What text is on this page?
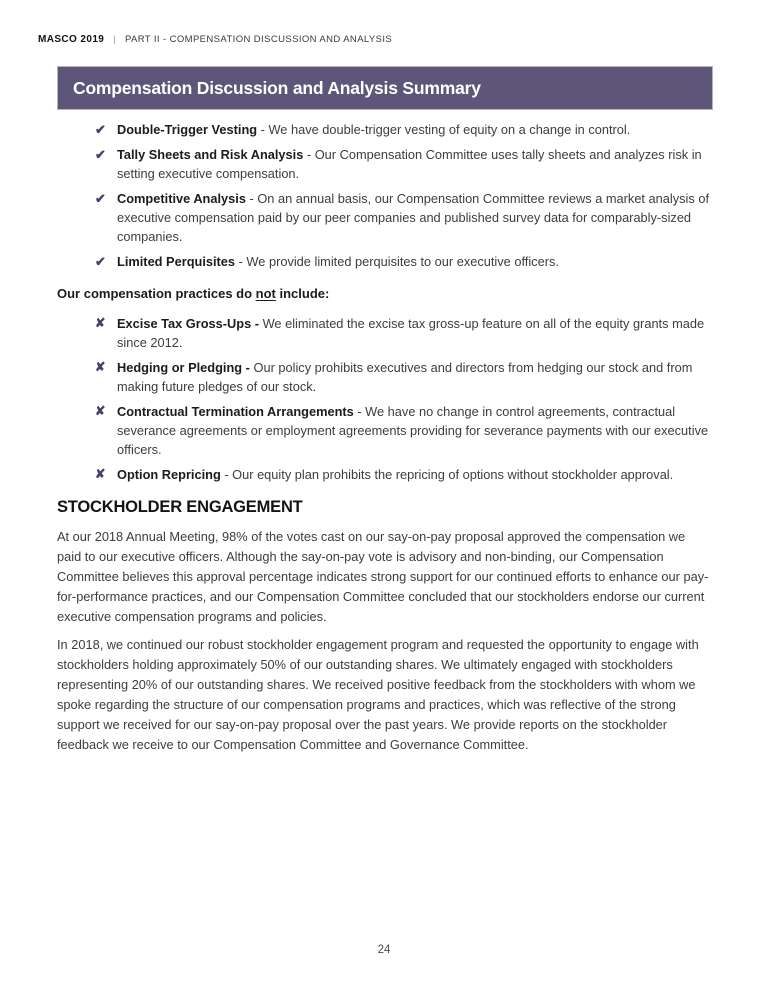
MASCO 2019 | PART II - COMPENSATION DISCUSSION AND ANALYSIS
Compensation Discussion and Analysis Summary
✔ Double-Trigger Vesting - We have double-trigger vesting of equity on a change in control.
✔ Tally Sheets and Risk Analysis - Our Compensation Committee uses tally sheets and analyzes risk in setting executive compensation.
✔ Competitive Analysis - On an annual basis, our Compensation Committee reviews a market analysis of executive compensation paid by our peer companies and published survey data for comparably-sized companies.
✔ Limited Perquisites - We provide limited perquisites to our executive officers.
Our compensation practices do not include:
✘ Excise Tax Gross-Ups - We eliminated the excise tax gross-up feature on all of the equity grants made since 2012.
✘ Hedging or Pledging - Our policy prohibits executives and directors from hedging our stock and from making future pledges of our stock.
✘ Contractual Termination Arrangements - We have no change in control agreements, contractual severance agreements or employment agreements providing for severance payments with our executive officers.
✘ Option Repricing - Our equity plan prohibits the repricing of options without stockholder approval.
STOCKHOLDER ENGAGEMENT

At our 2018 Annual Meeting, 98% of the votes cast on our say-on-pay proposal approved the compensation we paid to our executive officers. Although the say-on-pay vote is advisory and non-binding, our Compensation Committee believes this approval percentage indicates strong support for our continued efforts to enhance our pay-for-performance practices, and our Compensation Committee concluded that our stockholders endorse our current executive compensation programs and policies.

In 2018, we continued our robust stockholder engagement program and requested the opportunity to engage with stockholders holding approximately 50% of our outstanding shares. We ultimately engaged with stockholders representing 20% of our outstanding shares. We received positive feedback from the stockholders with whom we spoke regarding the structure of our compensation programs and practices, which was reflective of the strong support we received for our say-on-pay proposal over the past years. We provide reports on the stockholder feedback we receive to our Compensation Committee and Governance Committee.

24
